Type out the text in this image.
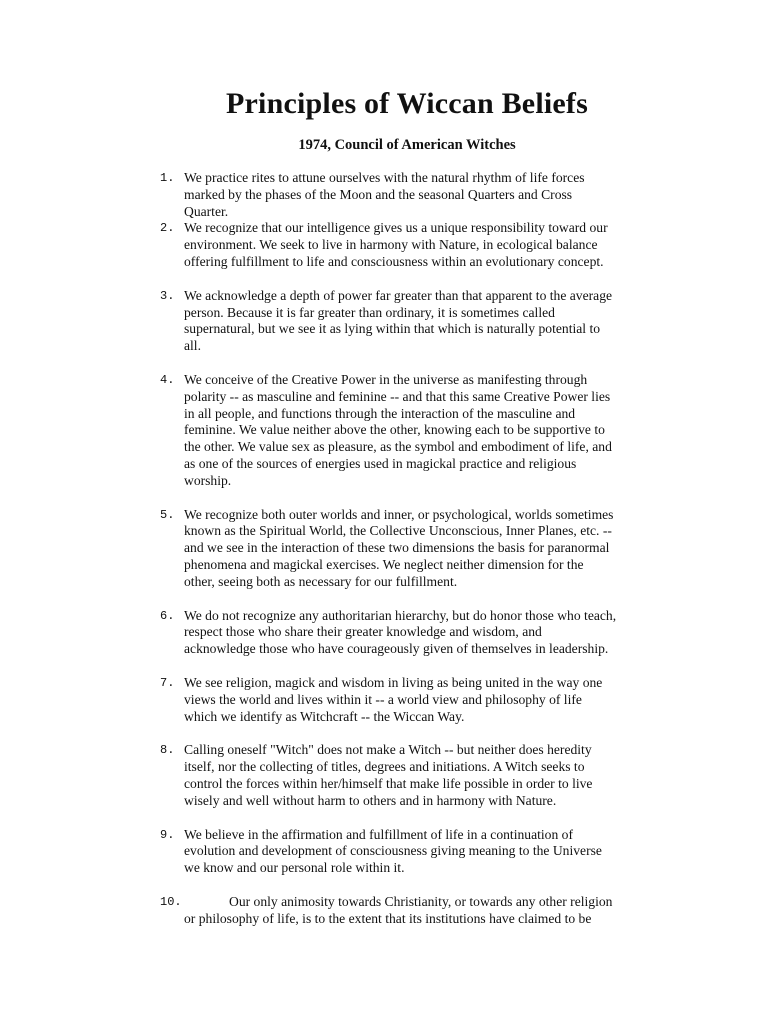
Principles of Wiccan Beliefs
1974, Council of American Witches
1. We practice rites to attune ourselves with the natural rhythm of life forces
marked by the phases of the Moon and the seasonal Quarters and Cross
Quarter.
2. We recognize that our intelligence gives us a unique responsibility toward our
environment. We seek to live in harmony with Nature, in ecological balance
offering fulfillment to life and consciousness within an evolutionary concept.
3. We acknowledge a depth of power far greater than that apparent to the average
person. Because it is far greater than ordinary, it is sometimes called
supernatural, but we see it as lying within that which is naturally potential to
all.
4. We conceive of the Creative Power in the universe as manifesting through
polarity -- as masculine and feminine -- and that this same Creative Power lies
in all people, and functions through the interaction of the masculine and
feminine. We value neither above the other, knowing each to be supportive to
the other. We value sex as pleasure, as the symbol and embodiment of life, and
as one of the sources of energies used in magickal practice and religious
worship.
5. We recognize both outer worlds and inner, or psychological, worlds sometimes
known as the Spiritual World, the Collective Unconscious, Inner Planes, etc. --
and we see in the interaction of these two dimensions the basis for paranormal
phenomena and magickal exercises. We neglect neither dimension for the
other, seeing both as necessary for our fulfillment.
6. We do not recognize any authoritarian hierarchy, but do honor those who teach,
respect those who share their greater knowledge and wisdom, and
acknowledge those who have courageously given of themselves in leadership.
7. We see religion, magick and wisdom in living as being united in the way one
views the world and lives within it -- a world view and philosophy of life
which we identify as Witchcraft -- the Wiccan Way.
8. Calling oneself "Witch" does not make a Witch -- but neither does heredity
itself, nor the collecting of titles, degrees and initiations. A Witch seeks to
control the forces within her/himself that make life possible in order to live
wisely and well without harm to others and in harmony with Nature.
9. We believe in the affirmation and fulfillment of life in a continuation of
evolution and development of consciousness giving meaning to the Universe
we know and our personal role within it.
10.	Our only animosity towards Christianity, or towards any other religion
or philosophy of life, is to the extent that its institutions have claimed to be
